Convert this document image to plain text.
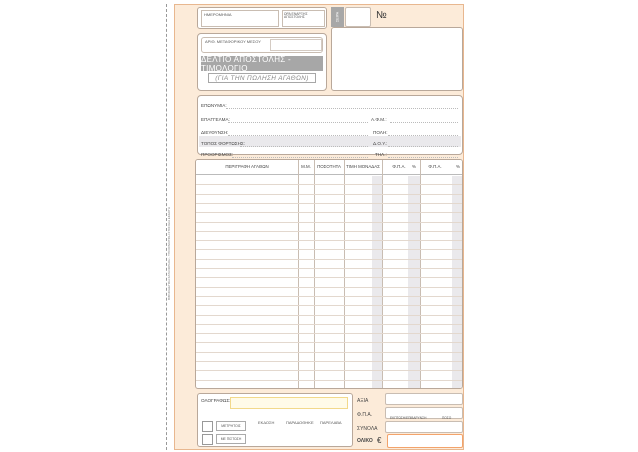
ΒΙΒΛΙΟΔΕΤΙΚΗ ΚΑΤΑΧΩΡΗΣΗ - ΥΠΟΧΡΕΩΤΙΚΗ ΣΤΟΙΧΕΙΑ ΕΚΔΟΤΗ
ΗΜΕΡΟΜΗΝΙΑ	ΩΡΑ ΕΝΑΡΞΗΣ ΑΠΟΣΤΟΛΗΣ	ΣΕΙΡΑ	№
ΑΡΙΘ. ΜΕΤΑΦΟΡΙΚΟΥ ΜΕΣΟΥ
ΔΕΛΤΙΟ ΑΠΟΣΤΟΛΗΣ - ΤΙΜΟΛΟΓΙΟ
(ΓΙΑ ΤΗΝ ΠΩΛΗΣΗ ΑΓΑΘΩΝ)
ΕΠΩΝΥΜΙΑ:
ΕΠΑΓΓΕΛΜΑ:	Α.Φ.Μ.:
ΔΙΕΥΘΥΝΣΗ:	ΠΟΛΗ:
ΤΟΠΟΣ ΦΟΡΤΩΣΗΣ:	Δ.Ο.Υ.:
ΠΡΟΟΡΙΣΜΟΣ:	ΤΗΛ.:
ΠΕΡΙΓΡΑΦΗ ΑΓΑΘΩΝ	Μ.Μ.	ΠΟΣΟΤΗΤΑ	ΤΙΜΗ ΜΟΝΑΔΑΣ	Φ.Π.Α.	%	Φ.Π.Α.	%
ΟΛΟΓΡΑΦΩΣ:
ΜΕΤΡΗΤΟΙΣ
ΜΕ ΠΙΣΤΩΣΗ
ΕΚΔΟΣΗ	ΠΑΡΑΔΟΘΗΚΕ ΠΑΡΕΛΑΒΑ
ΑΞΙΑ
Φ.Π.Α.
ΣΥΝΟΛΑ
ΟΛΙΚΟ €
ΕΚΠΤΩΣΗ/ΕΠΙΒΑΡΥΝΣΗ	ΠΟΣΟ
